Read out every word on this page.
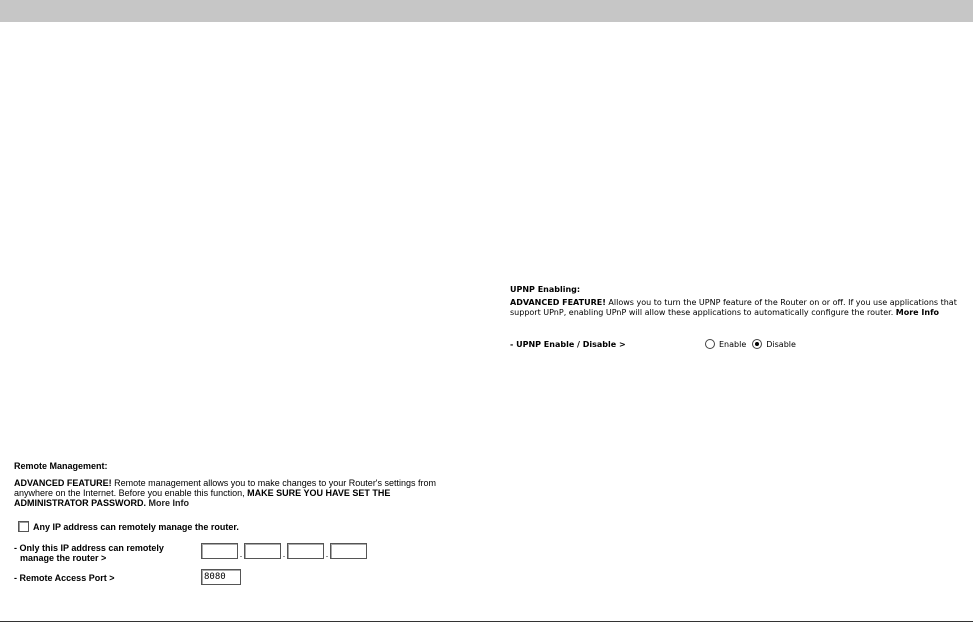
Remote Management:

ADVANCED FEATURE! Remote management allows you to make changes to your Router's settings from anywhere on the Internet. Before you enable this function, MAKE SURE YOU HAVE SET THE ADMINISTRATOR PASSWORD. More Info

Any IP address can remotely manage the router.
- Only this IP address can remotely
manage the router >	.	.	.
- Remote Access Port >	8080
UPNP Enabling:

ADVANCED FEATURE! Allows you to turn the UPNP feature of the Router on or off. If you use applications that support UPnP, enabling UPnP will allow these applications to automatically configure the router. More Info

- UPNP Enable / Disable >	Enable	Disable
